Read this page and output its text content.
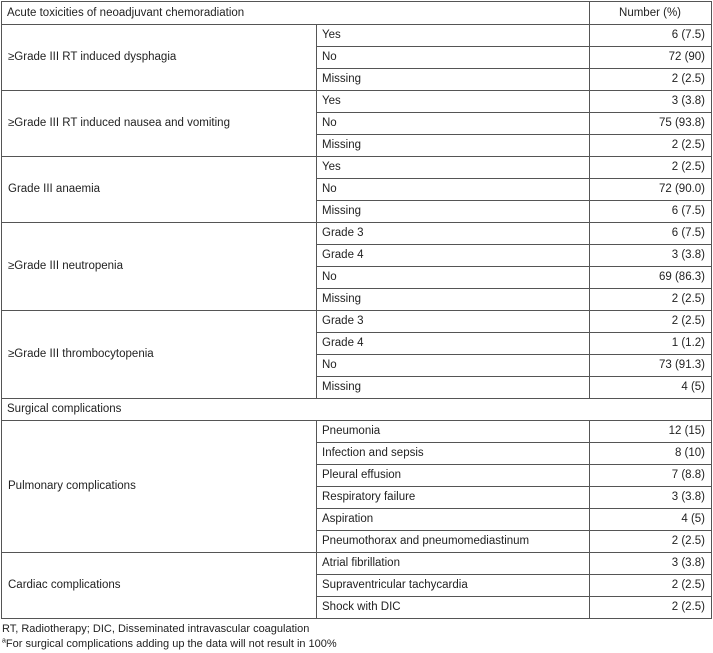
Acute toxicities of neoadjuvant chemoradiation		Number (%)
≥Grade III RT induced dysphagia	Yes	6 (7.5)
	No	72 (90)
	Missing	2 (2.5)
≥Grade III RT induced nausea and vomiting	Yes	3 (3.8)
	No	75 (93.8)
	Missing	2 (2.5)
Grade III anaemia	Yes	2 (2.5)
	No	72 (90.0)
	Missing	6 (7.5)
≥Grade III neutropenia	Grade 3	6 (7.5)
	Grade 4	3 (3.8)
	No	69 (86.3)
	Missing	2 (2.5)
≥Grade III thrombocytopenia	Grade 3	2 (2.5)
	Grade 4	1 (1.2)
	No	73 (91.3)
	Missing	4 (5)
Surgical complications		
Pulmonary complications	Pneumonia	12 (15)
	Infection and sepsis	8 (10)
	Pleural effusion	7 (8.8)
	Respiratory failure	3 (3.8)
	Aspiration	4 (5)
	Pneumothorax and pneumomediastinum	2 (2.5)
Cardiac complications	Atrial fibrillation	3 (3.8)
	Supraventricular tachycardia	2 (2.5)
	Shock with DIC	2 (2.5)
RT, Radiotherapy; DIC, Disseminated intravascular coagulation
$^a$For surgical complications adding up the data will not result in 100%
